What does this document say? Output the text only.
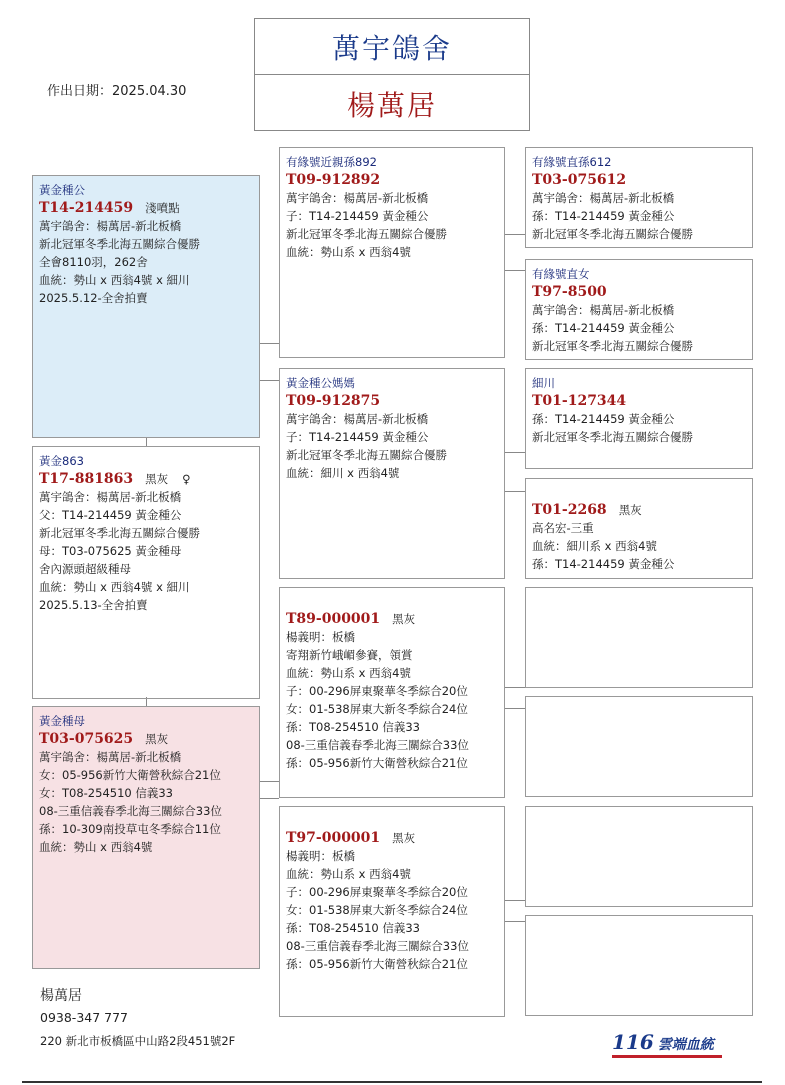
萬宇鴿舍
楊萬居
作出日期：2025.04.30
黃金種公
T14-214459 淺噴點
萬宇鴿舍：楊萬居-新北板橋
新北冠軍冬季北海五關綜合優勝
全會8110羽，262舍
血統：勢山 x 西翁4號 x 細川
2025.5.12-全舍拍賣
黃金863
T17-881863 黑灰 ♀
萬宇鴿舍：楊萬居-新北板橋
父：T14-214459 黃金種公
新北冠軍冬季北海五關綜合優勝
母：T03-075625 黃金種母
舍內源頭超級種母
血統：勢山 x 西翁4號 x 細川
2025.5.13-全舍拍賣
黃金種母
T03-075625 黑灰
萬宇鴿舍：楊萬居-新北板橋
女：05-956新竹大衛營秋綜合21位
女：T08-254510 信義33
08-三重信義春季北海三關綜合33位
孫：10-309南投草屯冬季綜合11位
血統：勢山 x 西翁4號
有緣號近親孫892
T09-912892
萬宇鴿舍：楊萬居-新北板橋
子：T14-214459 黃金種公
新北冠軍冬季北海五關綜合優勝
血統：勢山系 x 西翁4號
黃金種公媽媽
T09-912875
萬宇鴿舍：楊萬居-新北板橋
子：T14-214459 黃金種公
新北冠軍冬季北海五關綜合優勝
血統：細川 x 西翁4號
T89-000001 黑灰
楊義明：板橋
寄翔新竹峨嵋參賽，領賞
血統：勢山系 x 西翁4號
子：00-296屏東聚華冬季綜合20位
女：01-538屏東大新冬季綜合24位
孫：T08-254510 信義33
08-三重信義春季北海三關綜合33位
孫：05-956新竹大衛營秋綜合21位
T97-000001 黑灰
楊義明：板橋
血統：勢山系 x 西翁4號
子：00-296屏東聚華冬季綜合20位
女：01-538屏東大新冬季綜合24位
孫：T08-254510 信義33
08-三重信義春季北海三關綜合33位
孫：05-956新竹大衛營秋綜合21位
有緣號直孫612
T03-075612
萬宇鴿舍：楊萬居-新北板橋
孫：T14-214459 黃金種公
新北冠軍冬季北海五關綜合優勝
有緣號直女
T97-8500
萬宇鴿舍：楊萬居-新北板橋
孫：T14-214459 黃金種公
新北冠軍冬季北海五關綜合優勝
細川
T01-127344
孫：T14-214459 黃金種公
新北冠軍冬季北海五關綜合優勝
T01-2268 黑灰
高名宏-三重
血統：細川系 x 西翁4號
孫：T14-214459 黃金種公
楊萬居
0938-347 777
220 新北市板橋區中山路2段451號2F	116 雲端血統
